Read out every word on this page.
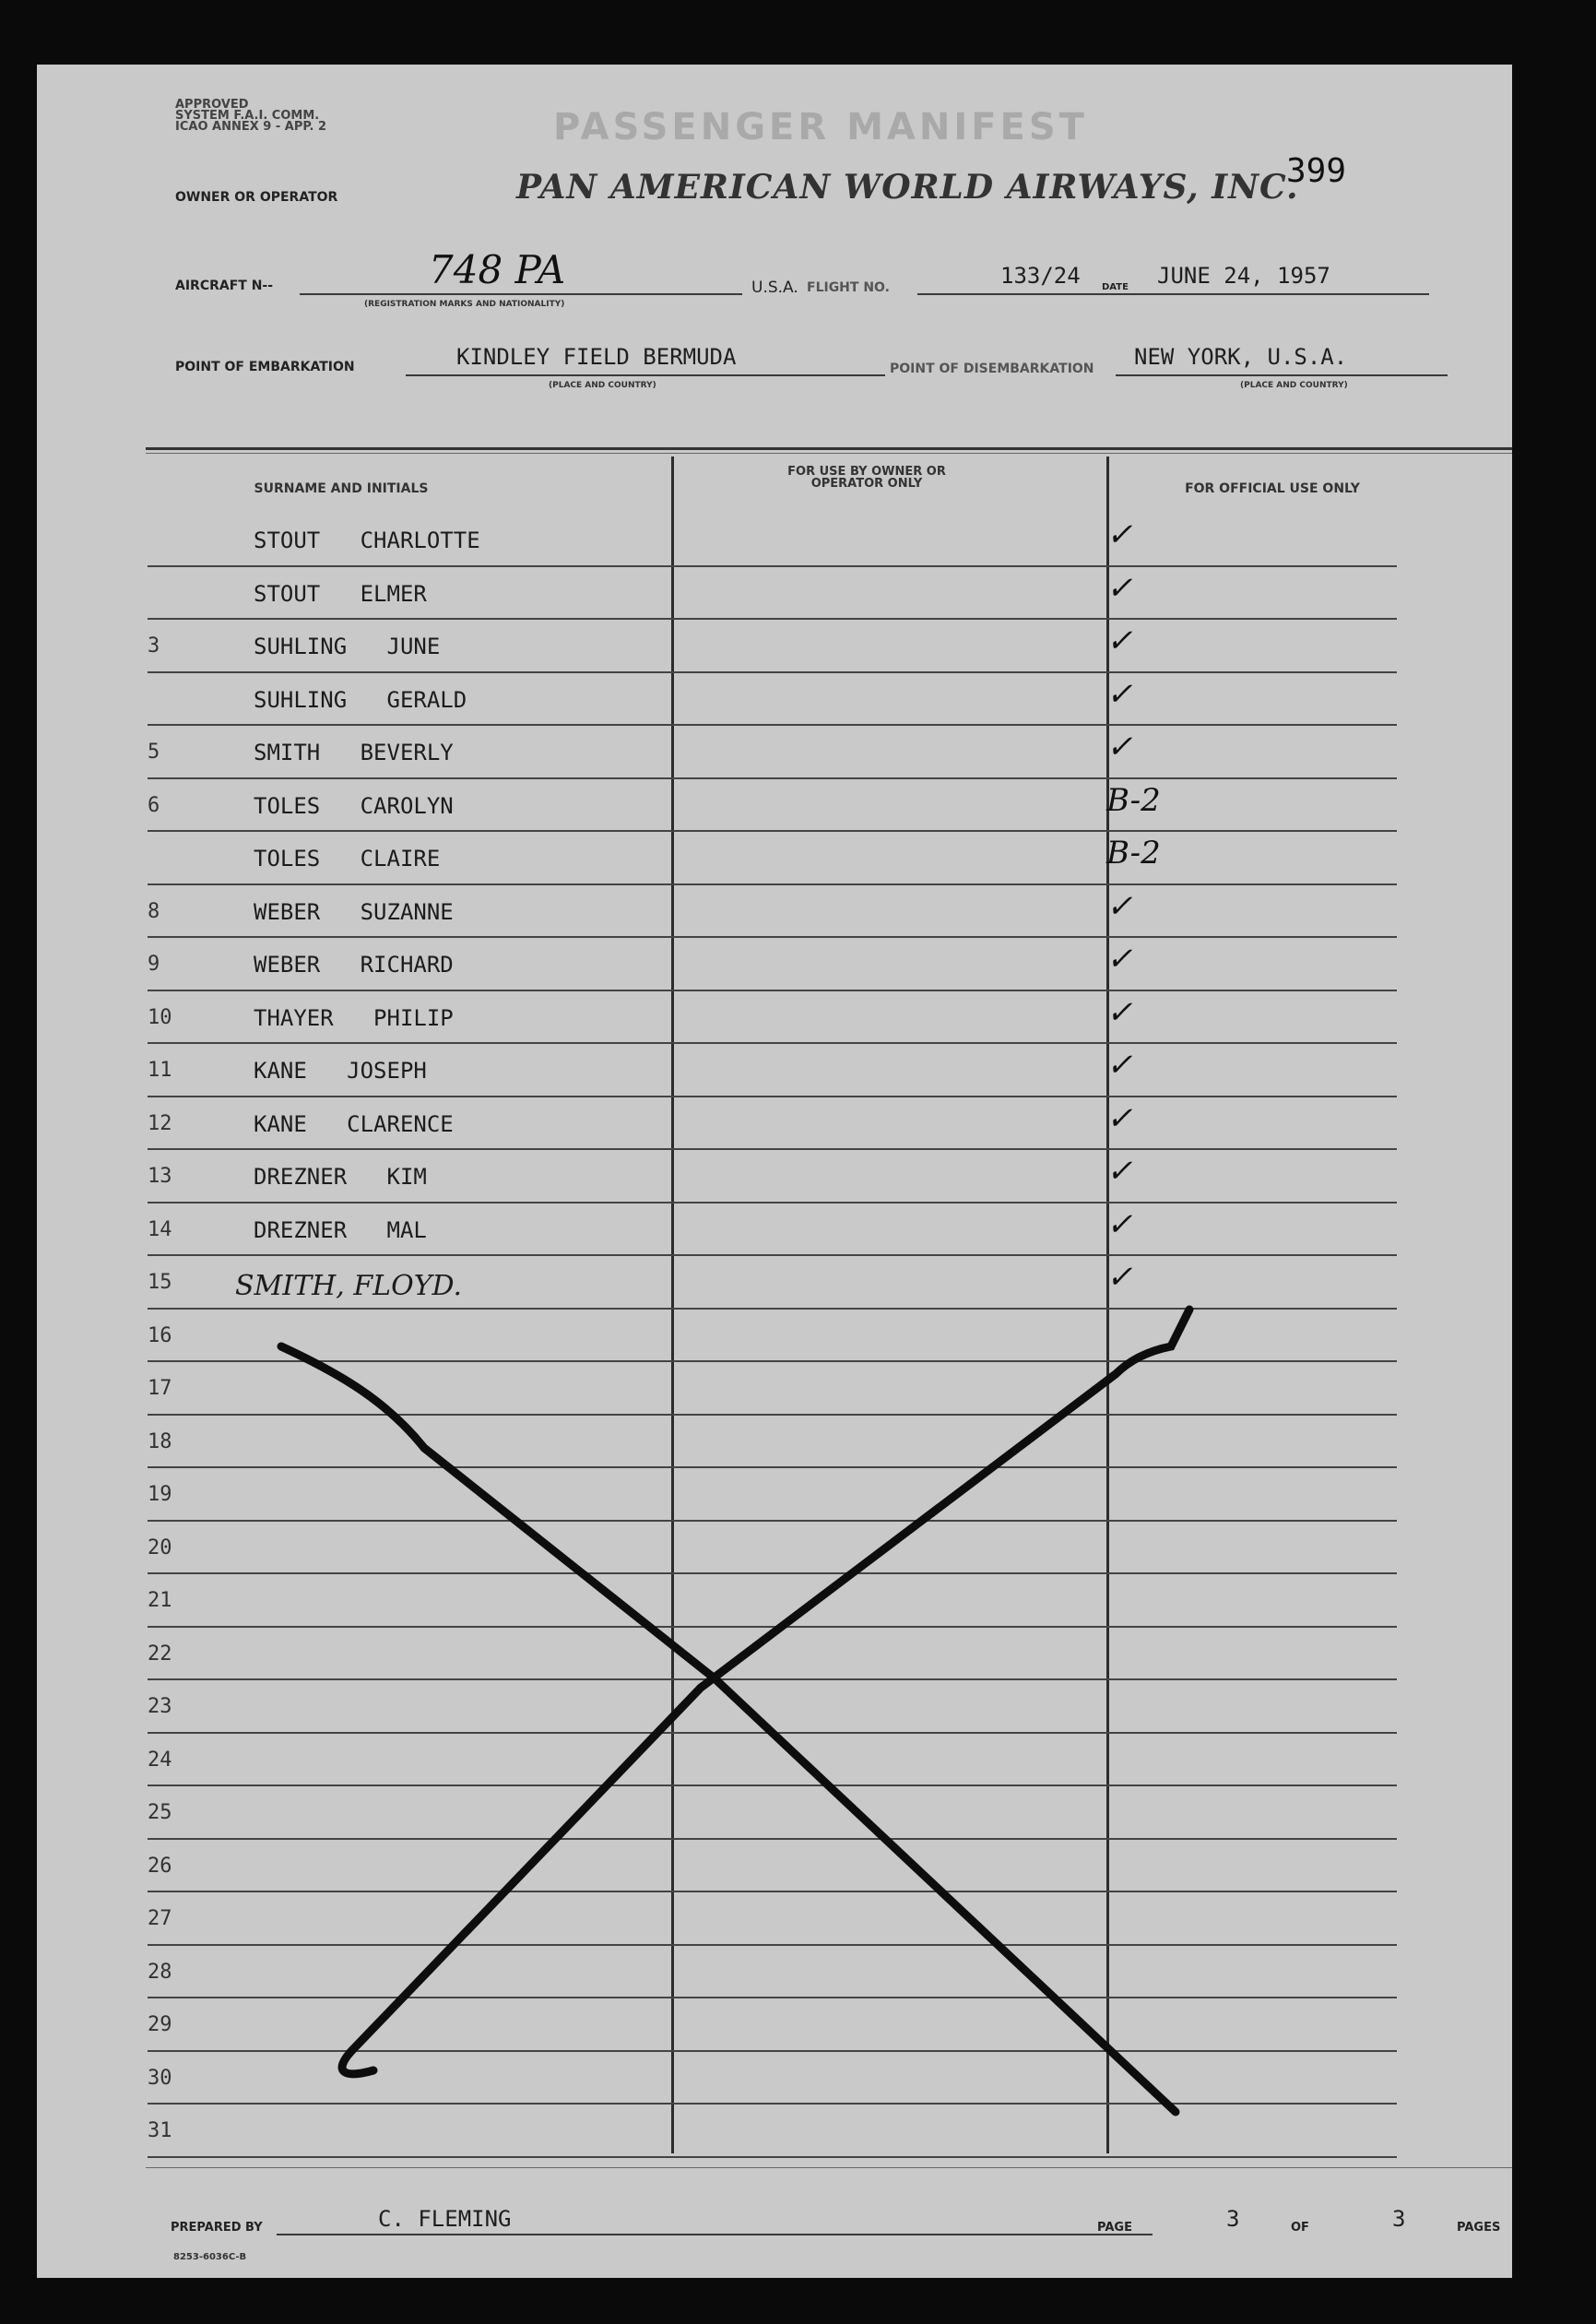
APPROVED
SYSTEM F.A.I. COMM.
ICAO ANNEX 9 - APP. 2	PASSENGER MANIFEST
399
OWNER OR OPERATOR	PAN AMERICAN WORLD AIRWAYS, INC.
AIRCRAFT N--	748 PA
(REGISTRATION MARKS AND NATIONALITY)
U.S.A. FLIGHT NO.	133/24 DATE JUNE 24, 1957
POINT OF EMBARKATION	KINDLEY FIELD BERMUDA
(PLACE AND COUNTRY)
POINT OF DISEMBARKATION NEW YORK, U.S.A.
(PLACE AND COUNTRY)
SURNAME AND INITIALS
FOR USE BY OWNER OR OPERATOR ONLY	FOR OFFICIAL USE ONLY
STOUT   CHARLOTTE	✓
STOUT   ELMER	✓
3	SUHLING   JUNE	✓
SUHLING   GERALD	✓
5	SMITH   BEVERLY	✓
6	TOLES   CAROLYN	B-2
TOLES   CLAIRE	B-2
8	WEBER   SUZANNE	✓
9	WEBER   RICHARD	✓
10	THAYER   PHILIP	✓
11	KANE   JOSEPH	✓
12	KANE   CLARENCE	✓
13	DREZNER   KIM	✓
14	DREZNER   MAL	✓
15 SMITH, FLOYD.	✓
16
17
18
19
20
21
22
23
24
25
26
27
28
29
30
31
PREPARED BY	C. FLEMING	PAGE	3	OF	3	PAGES
8253-6036C-B
